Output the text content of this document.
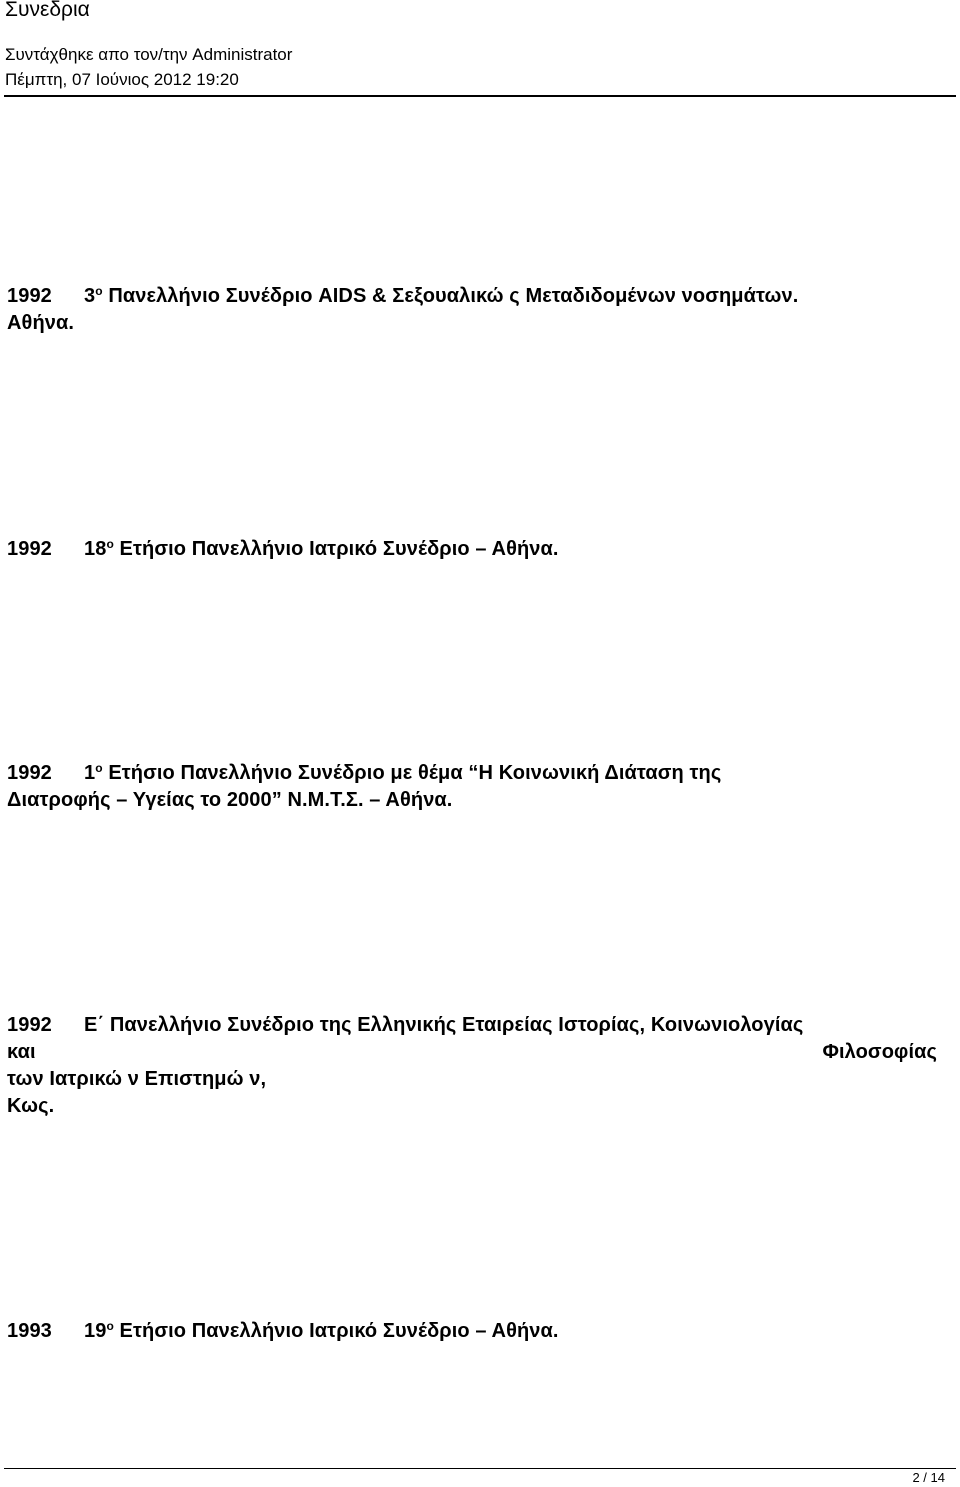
Συνεδρια
Συντάχθηκε απο τον/την Administrator
Πέμπτη, 07 Ιούνιος 2012 19:20
1992 $3^o$ Πανελλήνιο Συνέδριο AIDS & Σεξουαλικώ ς Μεταδιδομένων νοσημάτων.
Αθήνα.
1992 $18^o$ Ετήσιο Πανελλήνιο Ιατρικό Συνέδριο – Αθήνα.
1992 $1^o$ Ετήσιο Πανελλήνιο Συνέδριο με θέμα “Η Κοινωνική Διάταση της
Διατροφής – Υγείας το 2000” Ν.Μ.Τ.Σ. – Αθήνα.
1992 Ε΄ Πανελλήνιο Συνέδριο της Ελληνικής Εταιρείας Ιστορίας, Κοινωνιολογίας
και Φιλοσοφίας
των Ιατρικώ ν Επιστημώ ν,
Κως.
1993 $19^o$ Ετήσιο Πανελλήνιο Ιατρικό Συνέδριο – Αθήνα.
2 / 14
